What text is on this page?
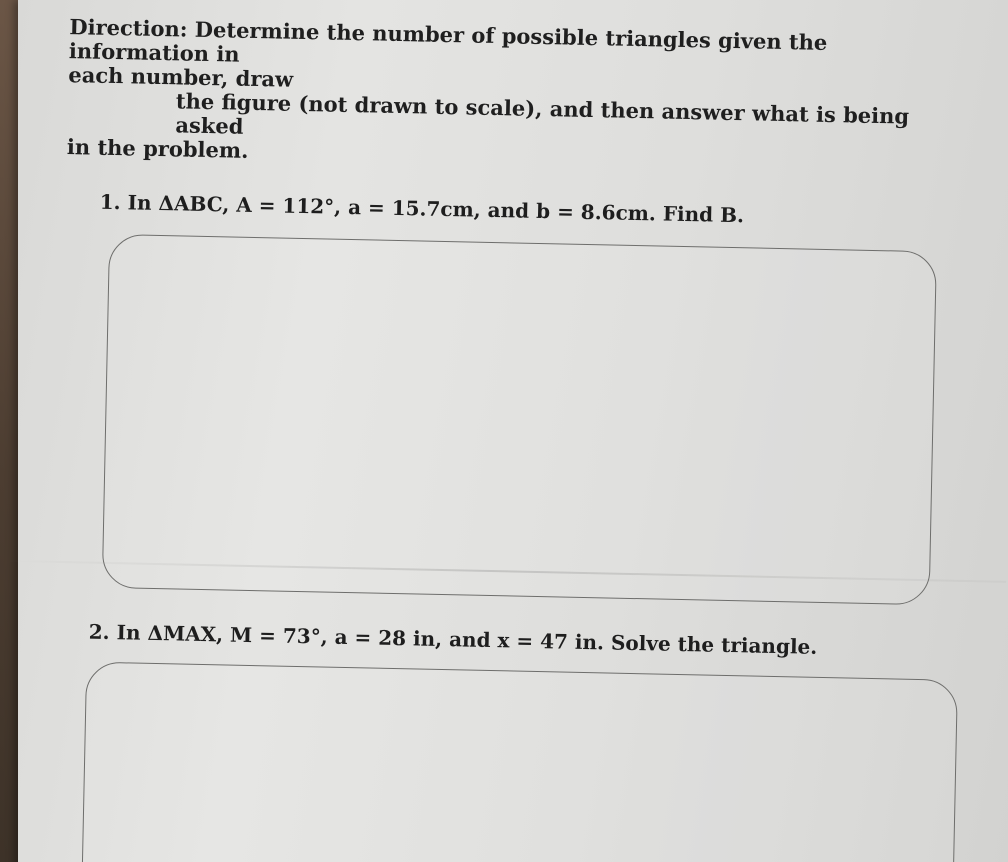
Direction: Determine the number of possible triangles given the information in
each number, draw
the figure (not drawn to scale), and then answer what is being asked
in the problem.

1. In ΔABC, A = 112°, a = 15.7cm, and b = 8.6cm. Find B.

2. In ΔMAX, M = 73°, a = 28 in, and x = 47 in. Solve the triangle.
